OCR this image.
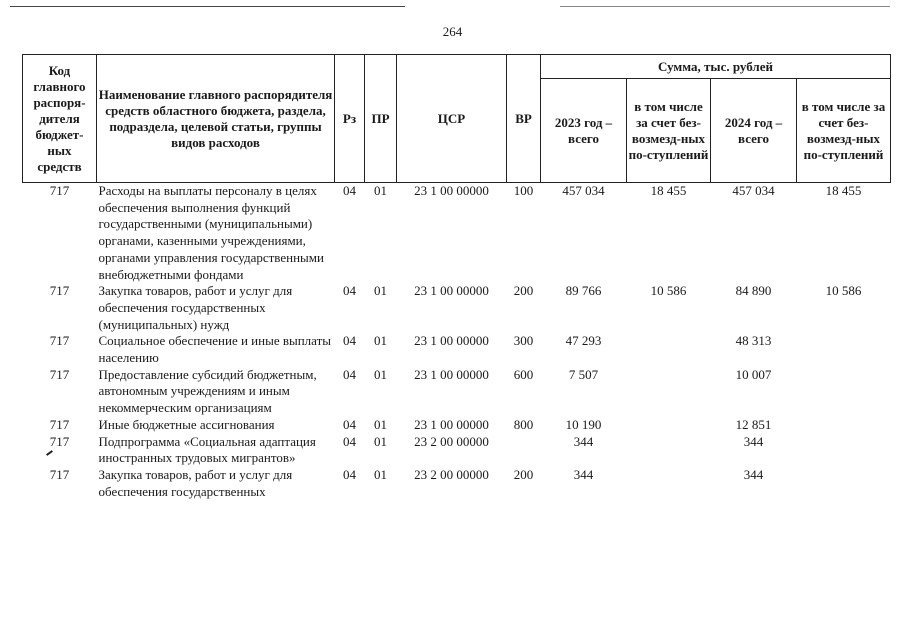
264
Код главного распоря-дителя бюджет-ных средств	Наименование главного распорядителя средств областного бюджета, раздела, подраздела, целевой статьи, группы видов расходов	Рз	ПР	ЦСР	ВР	Сумма, тыс. рублей			
						2023 год – всего	в том числе за счет без-возмезд-ных по-ступлений	2024 год – всего	в том числе за счет без-возмезд-ных по-ступлений
717	Расходы на выплаты персоналу в целях обеспечения выполнения функций государственными (муниципальными) органами, казенными учреждениями, органами управления государственными внебюджетными фондами	04	01	23 1 00 00000	100	457 034	18 455	457 034	18 455
717	Закупка товаров, работ и услуг для обеспечения государственных (муниципальных) нужд	04	01	23 1 00 00000	200	89 766	10 586	84 890	10 586
717	Социальное обеспечение и иные выплаты населению	04	01	23 1 00 00000	300	47 293		48 313	
717	Предоставление субсидий бюджетным, автономным учреждениям и иным некоммерческим организациям	04	01	23 1 00 00000	600	7 507		10 007	
717	Иные бюджетные ассигнования	04	01	23 1 00 00000	800	10 190		12 851	
717	Подпрограмма «Социальная адаптация иностранных трудовых мигрантов»	04	01	23 2 00 00000		344		344	
717	Закупка товаров, работ и услуг для обеспечения государственных	04	01	23 2 00 00000	200	344		344	
